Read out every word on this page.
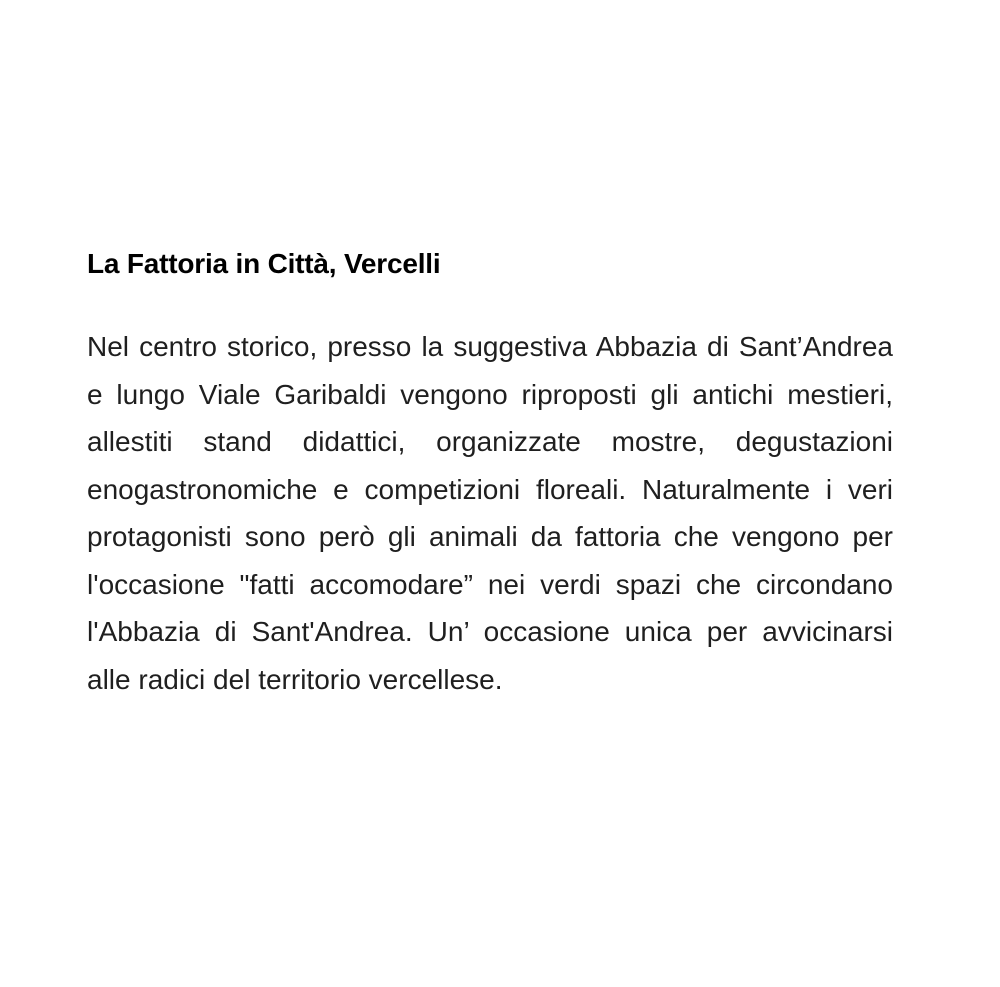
La Fattoria in Città, Vercelli

Nel centro storico, presso la suggestiva Abbazia di Sant’Andrea e lungo Viale Garibaldi vengono riproposti gli antichi mestieri, allestiti stand didattici, organizzate mostre, degustazioni enogastronomiche e competizioni floreali. Naturalmente i veri protagonisti sono però gli animali da fattoria che vengono per l'occasione "fatti accomodare” nei verdi spazi che circondano l'Abbazia di Sant'Andrea. Un’ occasione unica per avvicinarsi alle radici del territorio vercellese.
